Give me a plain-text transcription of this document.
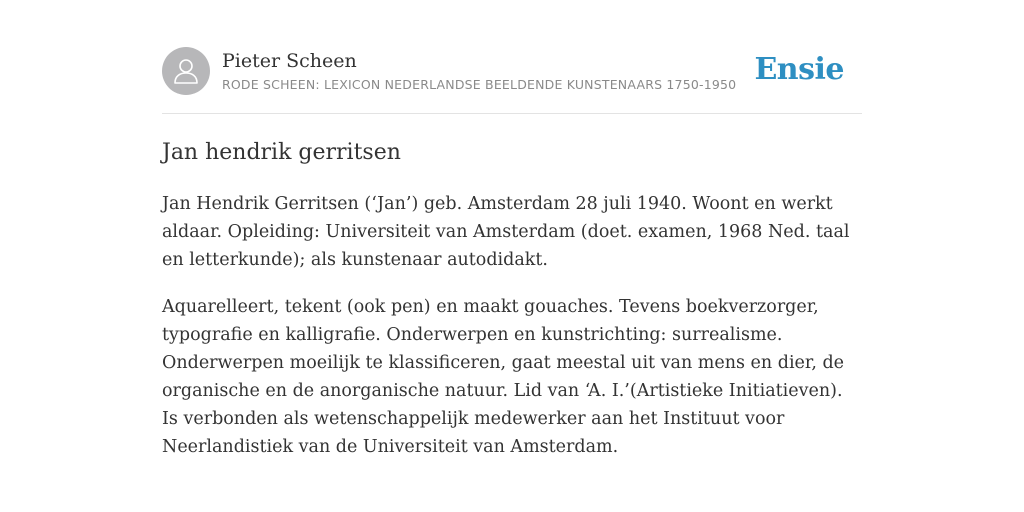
Pieter Scheen
RODE SCHEEN: LEXICON NEDERLANDSE BEELDENDE KUNSTENAARS 1750-1950 Ensie
Jan hendrik gerritsen

Jan Hendrik Gerritsen (‘Jan’) geb. Amsterdam 28 juli 1940. Woont en werkt aldaar. Opleiding: Universiteit van Amsterdam (doet. examen, 1968 Ned. taal en letterkunde); als kunstenaar autodidakt.

Aquarelleert, tekent (ook pen) en maakt gouaches. Tevens boekverzorger, typografie en kalligrafie. Onderwerpen en kunstrichting: surrealisme. Onderwerpen moeilijk te klassificeren, gaat meestal uit van mens en dier, de organische en de anorganische natuur. Lid van ‘A. I.’(Artistieke Initiatieven). Is verbonden als wetenschappelijk medewerker aan het Instituut voor Neerlandistiek van de Universiteit van Amsterdam.
